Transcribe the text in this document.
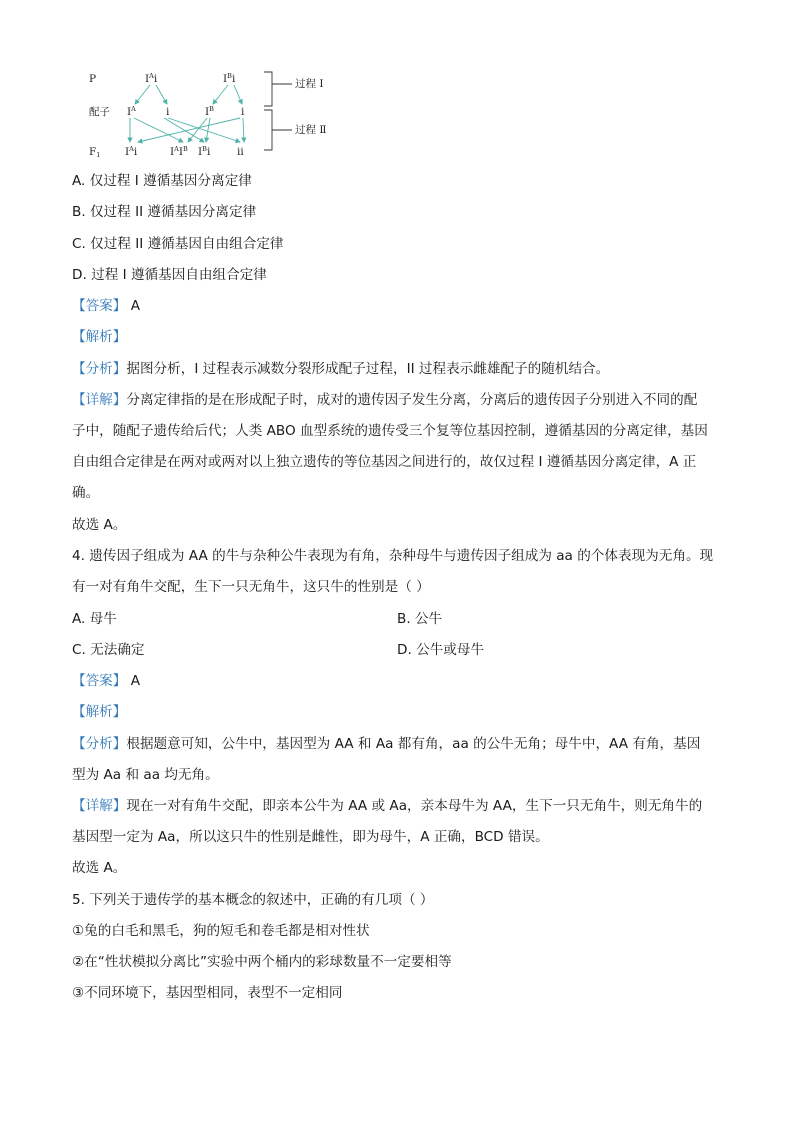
P
配子
$F_1$
$I^Ai$	$I^Bi$
$I^A$	i	$I^B$	i
$I^Ai$	$I^AI^B$ $I^Bi$	ii
过程 I
过程 Ⅱ
A. 仅过程 I 遵循基因分离定律
B. 仅过程 II 遵循基因分离定律
C. 仅过程 II 遵循基因自由组合定律
D. 过程 I 遵循基因自由组合定律
【答案】 A
【解析】
【分析】据图分析，I 过程表示减数分裂形成配子过程，II 过程表示雌雄配子的随机结合。
【详解】分离定律指的是在形成配子时，成对的遗传因子发生分离，分离后的遗传因子分别进入不同的配
子中，随配子遗传给后代；人类 ABO 血型系统的遗传受三个复等位基因控制，遵循基因的分离定律，基因
自由组合定律是在两对或两对以上独立遗传的等位基因之间进行的，故仅过程 I 遵循基因分离定律，A 正
确。
故选 A。
4. 遗传因子组成为 AA 的牛与杂种公牛表现为有角，杂种母牛与遗传因子组成为 aa 的个体表现为无角。现
有一对有角牛交配，生下一只无角牛，这只牛的性别是（ ）
A. 母牛	B. 公牛
C. 无法确定	D. 公牛或母牛
【答案】 A
【解析】
【分析】根据题意可知，公牛中，基因型为 AA 和 Aa 都有角，aa 的公牛无角；母牛中，AA 有角，基因
型为 Aa 和 aa 均无角。
【详解】现在一对有角牛交配，即亲本公牛为 AA 或 Aa，亲本母牛为 AA，生下一只无角牛，则无角牛的
基因型一定为 Aa，所以这只牛的性别是雌性，即为母牛，A 正确，BCD 错误。
故选 A。
5. 下列关于遗传学的基本概念的叙述中，正确的有几项（ ）
①兔的白毛和黑毛，狗的短毛和卷毛都是相对性状
②在“性状模拟分离比”实验中两个桶内的彩球数量不一定要相等
③不同环境下，基因型相同，表型不一定相同
